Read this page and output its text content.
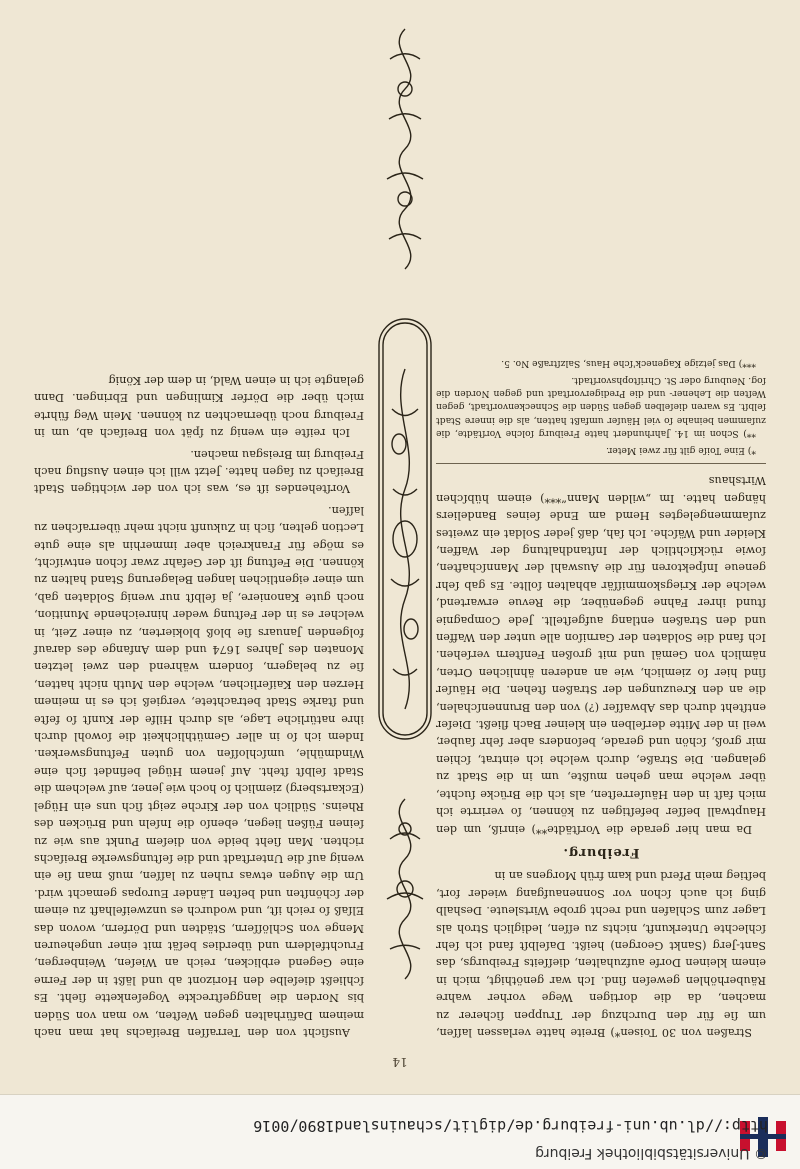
© Universitätsbibliothek Freiburg
http://dl.ub.uni-freiburg.de/diglit/schauinsland1890/0016
14

Straßen von 30 Toisen*) Breite hatte verlassen laſſen, um ſie für den Durchzug der Truppen ſicherer zu machen, da die dortigen Wege vorher wahre Räuberhöhlen geweſen ſind. Ich war genöthigt, mich in einem kleinen Dorfe aufzuhalten, dieſſeits Freiburgs, das Sant-Jerg (Sankt Georgen) heißt. Daſelbſt fand ich ſehr ſchlechte Unterkunft, nichts zu eſſen, lediglich Stroh als Lager zum Schlafen und recht grobe Wirtsleute. Deshalb ging ich auch ſchon vor Sonnenaufgang wieder fort, beſtieg mein Pferd und kam früh Morgens an in

Freiburg.

Da man hier gerade die Vorſtädte**) einriß, um den Hauptwall beſſer befeſtigen zu können, ſo verirrte ich mich faſt in den Häuſerreſten, als ich die Brücke ſuchte, über welche man gehen mußte, um in die Stadt zu gelangen. Die Straße, durch welche ich eintrat, ſchien mir groß, ſchön und gerade, beſonders aber ſehr ſauber, weil in der Mitte derſelben ein kleiner Bach fließt. Dieſer entſteht durch das Abwaſſer (?) von den Brunnenſchalen, die an den Kreuzungen der Straßen ſtehen. Die Häuſer ſind hier ſo ziemlich, wie an anderen ähnlichen Orten, nämlich von Gemäl und mit großen Fenſtern verſehen. Ich fand die Soldaten der Garniſon alle unter den Waffen und den Straßen entlang aufgeſtellt. Jede Compagnie ſtund ihrer Fahne gegenüber, die Revue erwartend, welche der Kriegskommiſſär abhalten ſollte. Es gab ſehr geneue Inſpektoren für die Auswahl der Mannſchaften, ſowie rückſichtlich der Inſtandhaltung der Waffen, Kleider und Wäſche. Ich ſah, daß jeder Soldat ein zweites zuſammengelegtes Hemd am Ende ſeines Bandeliers hängen hatte. Im „wilden Mann“***) einem hübſchen Wirtshaus

*) Eine Toiſe gilt für zwei Meter.
**) Schon im 14. Jahrhundert hatte Freiburg ſolche Vorſtädte, die zuſammen beinahe ſo viel Häuſer umfaßt hatten, als die innere Stadt ſelbſt. Es waren dieſelben gegen Süden die Schneckenvorſtadt, gegen Weſten die Lehener- und die Predigervorſtadt und gegen Norden die ſog. Neuburg oder St. Chriſtophsvorſtadt.
***) Das jetzige Kageneck'ſche Haus, Salzſtraße No. 5.

Ausſicht von den Terraſſen Breiſachs hat man nach meinem Dafürhalten gegen Weſten, wo man von Süden bis Norden die langgeſtreckte Vogeſenkette ſieht. Es ſchließt dieſelbe den Horizont ab und läßt in der Ferne eine Gegend erblicken, reich an Wieſen, Weinbergen, Fruchtfeldern und überdies beſät mit einer ungeheuren Menge von Schlöſſern, Städten und Dörfern, wovon das Elſaß ſo reich iſt, und wodurch es unzweifelhaft zu einem der ſchönſten und beſten Länder Europas gemacht wird. Um die Augen etwas ruhen zu laſſen, muß man ſie ein wenig auf die Unterſtadt und die ſeſtungswerke Breiſachs richten. Man ſieht beide von dieſem Punkt aus wie zu ſeinen Füßen liegen, ebenſo die Inſeln und Brücken des Rheins. Südlich von der Kirche zeigt ſich uns ein Hügel (Eckartsberg) ziemlich ſo hoch wie jener, auf welchem die Stadt ſelbſt ſteht. Auf jenem Hügel befindet ſich eine Windmühle, umſchloſſen von guten Feſtungswerken. Indem ich ſo in aller Gemüthlichkeit die ſowohl durch ihre natürliche Lage, als durch Hilfe der Kunſt ſo feſte und ſtarke Stadt betrachtete, vergieß ich es in meinem Herzen den Kaiſerlichen, welche den Muth nicht hatten, ſie zu belagern, ſondern während den zwei letzten Monaten des Jahres 1674 und dem Anfange des darauf folgenden Januars ſie bloß blokierten, zu einer Zeit, in welcher es in der Feſtung weder hinreichende Munition, noch gute Kanoniere, ja ſelbſt nur wenig Soldaten gab, um einer eigentlichen langen Belagerung Stand halten zu können. Die Feſtung iſt der Gefahr zwar ſchon entwiſcht, es möge für Frankreich aber immerhin als eine gute Lection gelten, ſich in Zukunft nicht mehr überraſchen zu laſſen.

Vorſtehendes iſt es, was ich von der wichtigen Stadt Breiſach zu ſagen hatte. Jetzt will ich einen Ausflug nach Freiburg im Breisgau machen.

Ich reiſte ein wenig zu ſpät von Breiſach ab, um in Freiburg noch übernachten zu können. Mein Weg führte mich über die Dörfer Kimlingen und Ebringen. Dann gelangte ich in einen Wald, in dem der König
